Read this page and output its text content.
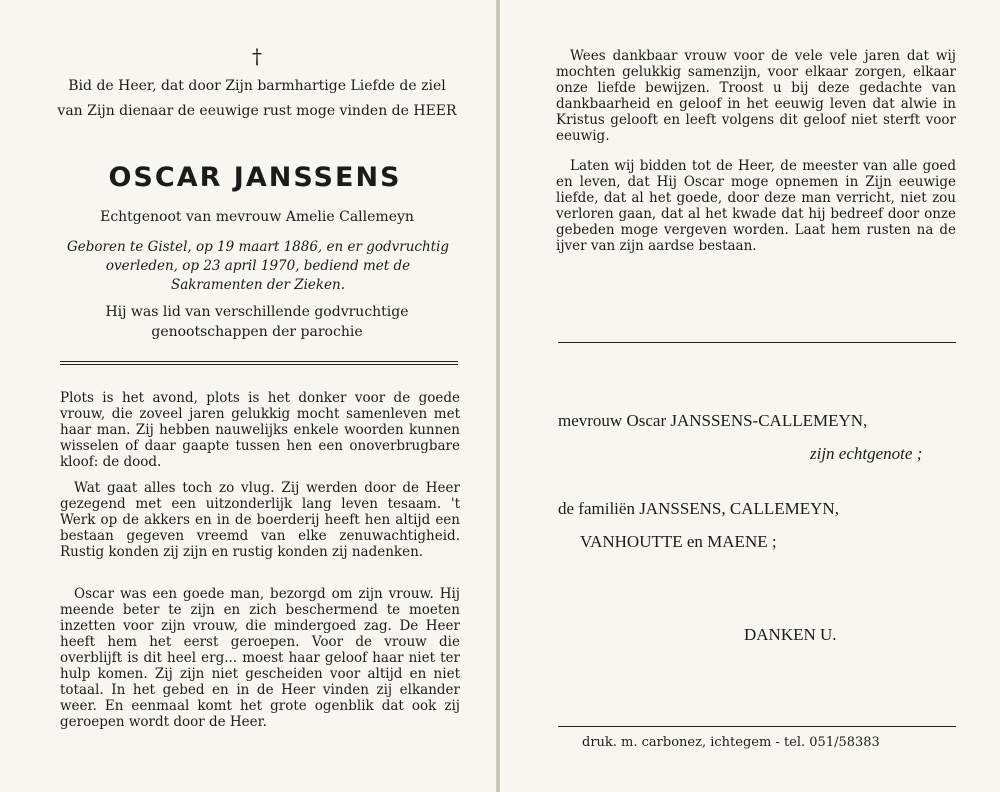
†

Bid de Heer, dat door Zijn barmhartige Liefde de ziel van Zijn dienaar de eeuwige rust moge vinden de HEER

OSCAR JANSSENS

Echtgenoot van mevrouw Amelie Callemeyn

Geboren te Gistel, op 19 maart 1886, en er godvruchtig overleden, op 23 april 1970, bediend met de Sakramenten der Zieken.

Hij was lid van verschillende godvruchtige genootschappen der parochie

Plots is het avond, plots is het donker voor de goede vrouw, die zoveel jaren gelukkig mocht samenleven met haar man. Zij hebben nauwelijks enkele woorden kunnen wisselen of daar gaapte tussen hen een onoverbrugbare kloof: de dood.

Wat gaat alles toch zo vlug. Zij werden door de Heer gezegend met een uitzonderlijk lang leven tesaam. 't Werk op de akkers en in de boerderij heeft hen altijd een bestaan gegeven vreemd van elke zenuwachtigheid. Rustig konden zij zijn en rustig konden zij nadenken.

Oscar was een goede man, bezorgd om zijn vrouw. Hij meende beter te zijn en zich beschermend te moeten inzetten voor zijn vrouw, die mindergoed zag. De Heer heeft hem het eerst geroepen. Voor de vrouw die overblijft is dit heel erg... moest haar geloof haar niet ter hulp komen. Zij zijn niet gescheiden voor altijd en niet totaal. In het gebed en in de Heer vinden zij elkander weer. En eenmaal komt het grote ogenblik dat ook zij geroepen wordt door de Heer.

Wees dankbaar vrouw voor de vele vele jaren dat wij mochten gelukkig samenzijn, voor elkaar zorgen, elkaar onze liefde bewijzen. Troost u bij deze gedachte van dankbaarheid en geloof in het eeuwig leven dat alwie in Kristus gelooft en leeft volgens dit geloof niet sterft voor eeuwig.

Laten wij bidden tot de Heer, de meester van alle goed en leven, dat Hij Oscar moge opnemen in Zijn eeuwige liefde, dat al het goede, door deze man verricht, niet zou verloren gaan, dat al het kwade dat hij bedreef door onze gebeden moge vergeven worden. Laat hem rusten na de ijver van zijn aardse bestaan.

mevrouw Oscar JANSSENS-CALLEMEYN,

zijn echtgenote ;

de familiën JANSSENS, CALLEMEYN,

VANHOUTTE en MAENE ;

DANKEN U.

druk. m. carbonez, ichtegem - tel. 051/58383
